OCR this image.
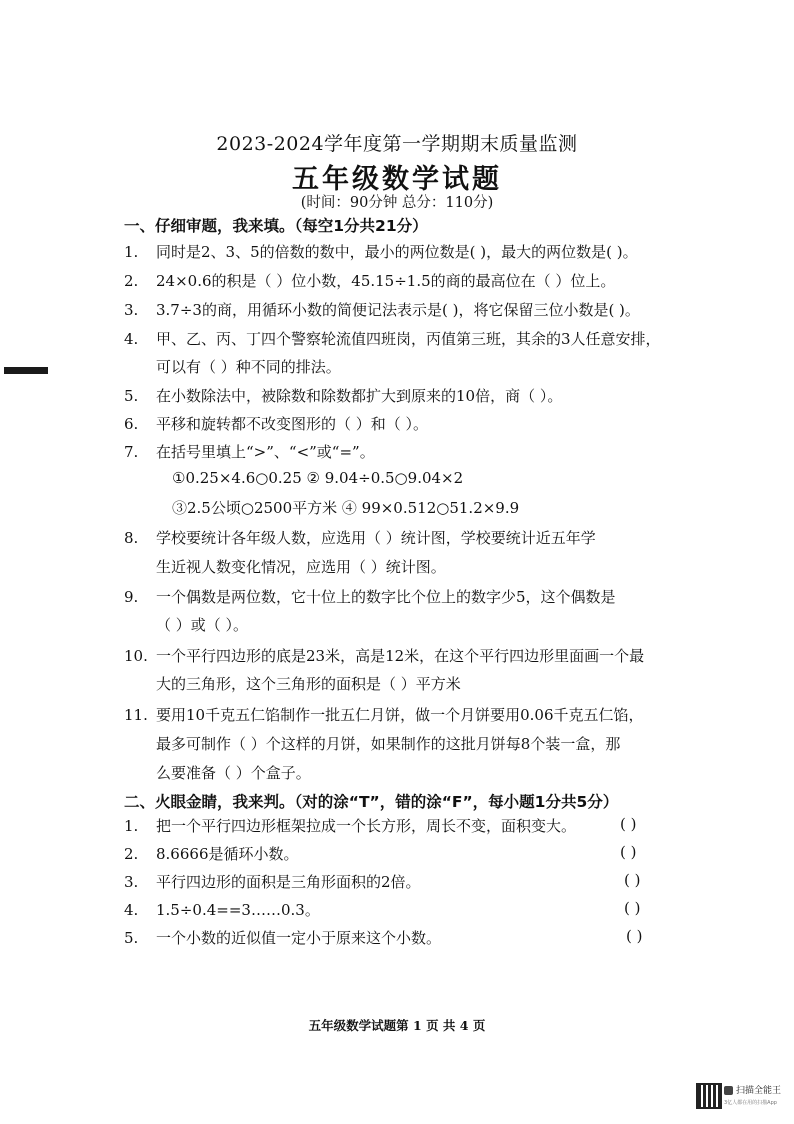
2023-2024学年度第一学期期末质量监测
五年级数学试题
(时间：90分钟 总分：110分)
一、仔细审题，我来填。（每空1分共21分）
1. 同时是2、3、5的倍数的数中，最小的两位数是( )，最大的两位数是( )。
2. 24×0.6的积是（ ）位小数，45.15÷1.5的商的最高位在（ ）位上。
3. 3.7÷3的商，用循环小数的简便记法表示是( )，将它保留三位小数是( )。
4. 甲、乙、丙、丁四个警察轮流值四班岗，丙值第三班，其余的3人任意安排，
可以有（ ）种不同的排法。
5. 在小数除法中，被除数和除数都扩大到原来的10倍，商（ ）。
6. 平移和旋转都不改变图形的（ ）和（ ）。
7. 在括号里填上“>”、“<”或“=”。
①0.25×4.6○0.25 ② 9.04÷0.5○9.04×2
③2.5公顷○2500平方米 ④ 99×0.512○51.2×9.9
8. 学校要统计各年级人数，应选用（ ）统计图，学校要统计近五年学
生近视人数变化情况，应选用（ ）统计图。
9. 一个偶数是两位数，它十位上的数字比个位上的数字少5，这个偶数是
（ ）或（ ）。
10. 一个平行四边形的底是23米，高是12米，在这个平行四边形里面画一个最
大的三角形，这个三角形的面积是（ ）平方米
11. 要用10千克五仁馅制作一批五仁月饼，做一个月饼要用0.06千克五仁馅，
最多可制作（ ）个这样的月饼，如果制作的这批月饼每8个装一盒，那
么要准备（ ）个盒子。
二、火眼金睛，我来判。（对的涂“T”，错的涂“F”，每小题1分共5分）
1. 把一个平行四边形框架拉成一个长方形，周长不变，面积变大。	( )
2. 8.6666是循环小数。	( )
3. 平行四边形的面积是三角形面积的2倍。	( )
4. 1.5÷0.4==3……0.3。	( )
5. 一个小数的近似值一定小于原来这个小数。	( )
五年级数学试题第 1 页 共 4 页
扫描全能王
3亿人都在用的扫描App
